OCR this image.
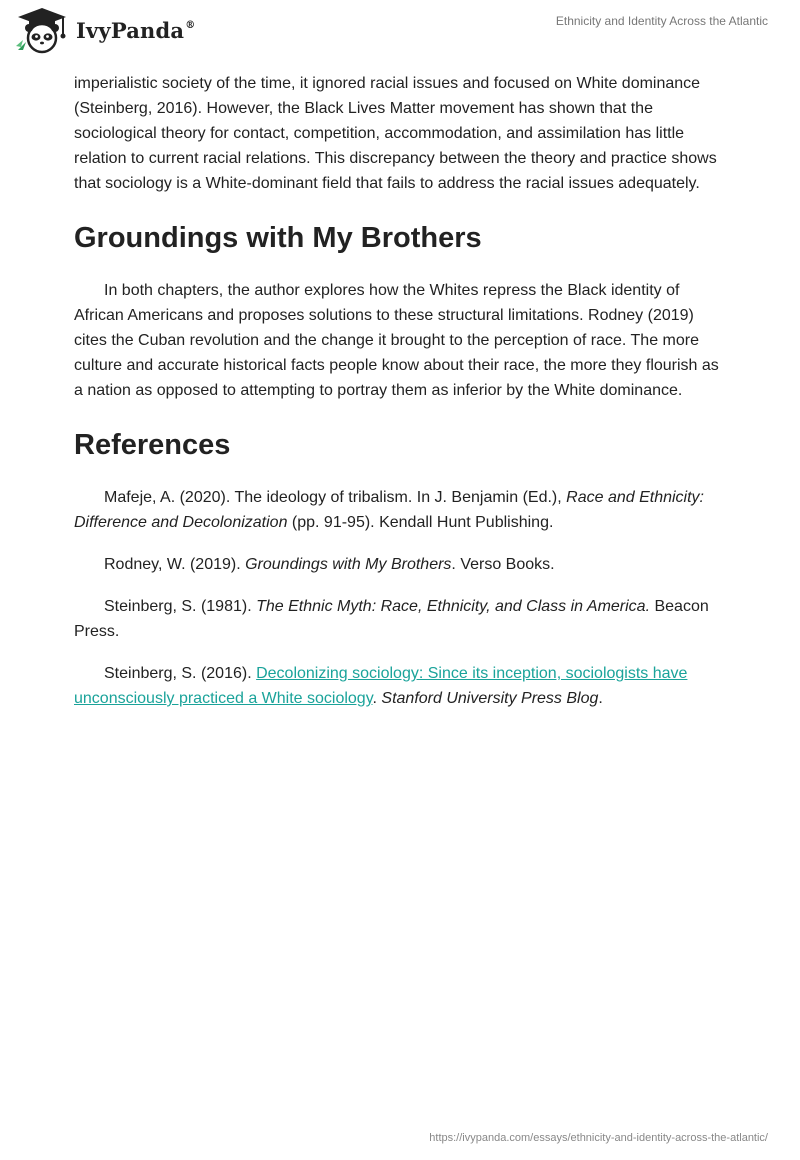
IvyPanda®	Ethnicity and Identity Across the Atlantic

imperialistic society of the time, it ignored racial issues and focused on White dominance (Steinberg, 2016). However, the Black Lives Matter movement has shown that the sociological theory for contact, competition, accommodation, and assimilation has little relation to current racial relations. This discrepancy between the theory and practice shows that sociology is a White-dominant field that fails to address the racial issues adequately.

Groundings with My Brothers

In both chapters, the author explores how the Whites repress the Black identity of African Americans and proposes solutions to these structural limitations. Rodney (2019) cites the Cuban revolution and the change it brought to the perception of race. The more culture and accurate historical facts people know about their race, the more they flourish as a nation as opposed to attempting to portray them as inferior by the White dominance.

References

Mafeje, A. (2020). The ideology of tribalism. In J. Benjamin (Ed.), Race and Ethnicity: Difference and Decolonization (pp. 91-95). Kendall Hunt Publishing.

Rodney, W. (2019). Groundings with My Brothers. Verso Books.

Steinberg, S. (1981). The Ethnic Myth: Race, Ethnicity, and Class in America. Beacon Press.

Steinberg, S. (2016). Decolonizing sociology: Since its inception, sociologists have unconsciously practiced a White sociology. Stanford University Press Blog.

https://ivypanda.com/essays/ethnicity-and-identity-across-the-atlantic/
